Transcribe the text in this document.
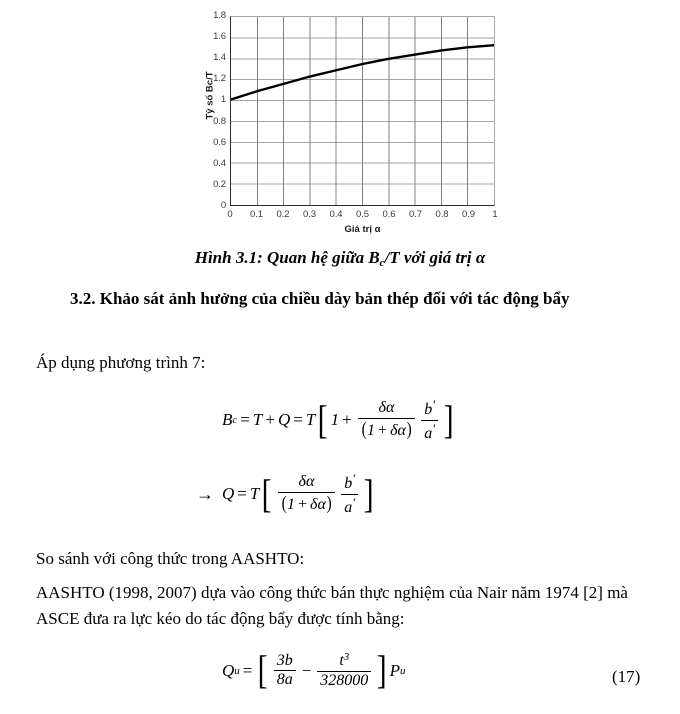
Tỷ số Bc/T
1.8
1.6
1.4
1.2
1
0.8
0.6
0.4
0.2
0
0	0.1	0.2	0.3	0.4	0.5	0.6	0.7	0.8	0.9	1
Giá trị α
Hình 3.1: Quan hệ giữa $B_c/T$ với giá trị α
3.2. Khảo sát ảnh hưởng của chiều dày bản thép đối với tác động bẩy
Áp dụng phương trình 7:
B c = T + Q = T [ $1 + \frac{\delta\alpha}{(1 + \delta\alpha)} \frac{b'}{a'}$ ]
→ Q = T [ $\frac{\delta\alpha}{(1 + \delta\alpha)} \frac{b'}{a'}$ ]
So sánh với công thức trong AASHTO:
AASHTO (1998, 2007) dựa vào công thức bán thực nghiệm của Nair năm 1974 [2] mà ASCE đưa ra lực kéo do tác động bẩy được tính bằng:
Q u = [ $\frac{3b}{8a} - \frac{t^3}{328000}$ ] P u	(17)
